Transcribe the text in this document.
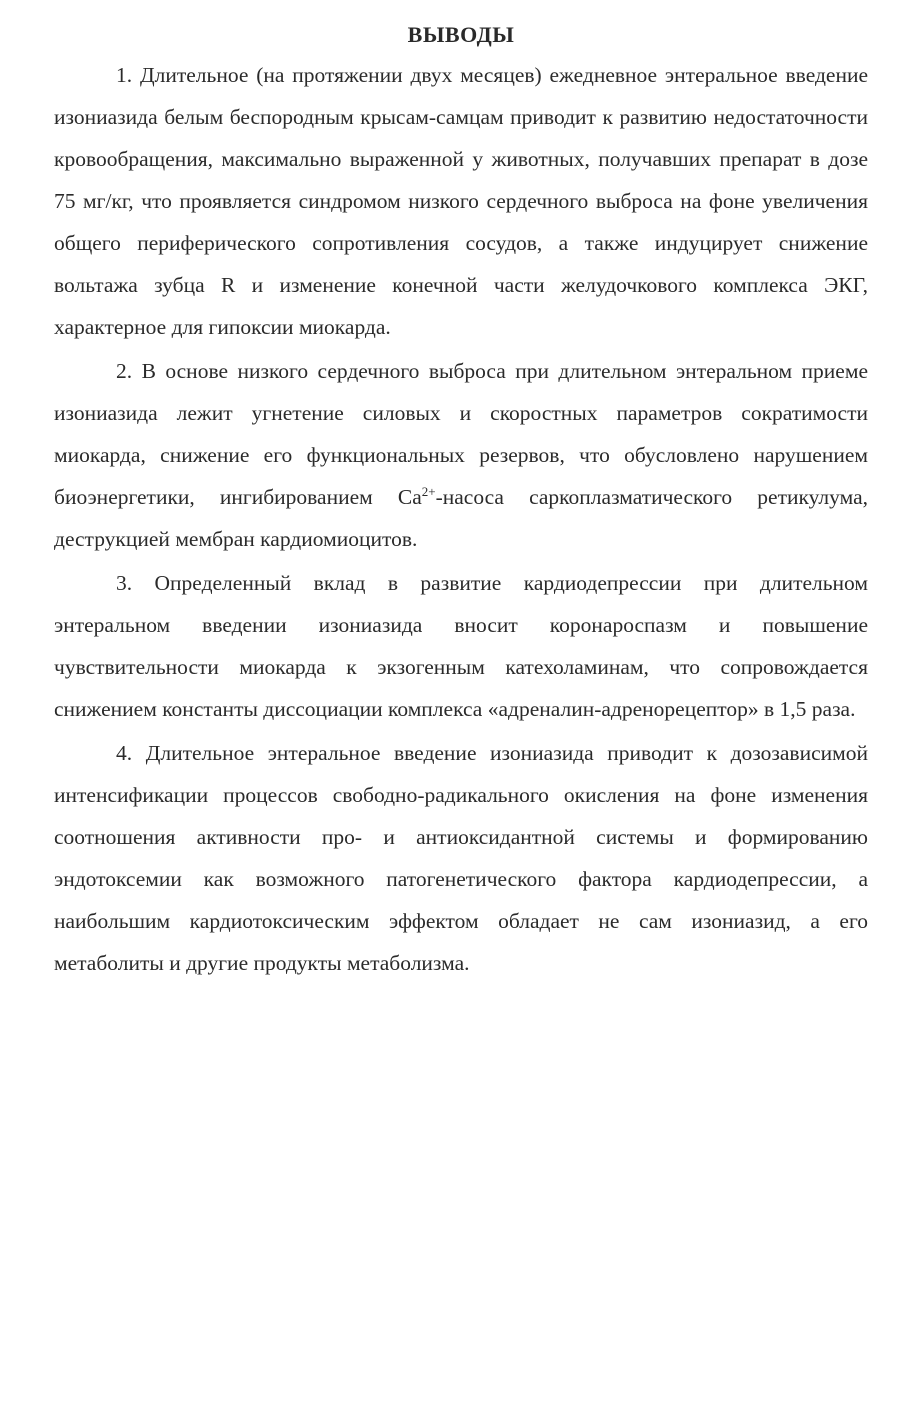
ВЫВОДЫ

1. Длительное (на протяжении двух месяцев) ежедневное энтеральное введение изониазида белым беспородным крысам-самцам приводит к развитию недостаточности кровообращения, максимально выраженной у животных, получавших препарат в дозе 75 мг/кг, что проявляется синдромом низкого сердечного выброса на фоне увеличения общего периферического сопротивления сосудов, а также индуцирует снижение вольтажа зубца R и изменение конечной части желудочкового комплекса ЭКГ, характерное для гипоксии миокарда.

2. В основе низкого сердечного выброса при длительном энтеральном приеме изониазида лежит угнетение силовых и скоростных параметров сократимости миокарда, снижение его функциональных резервов, что обусловлено нарушением биоэнергетики, ингибированием $Ca^{2+}$-насоса саркоплазматического ретикулума, деструкцией мембран кардиомиоцитов.

3. Определенный вклад в развитие кардиодепрессии при длительном энтеральном введении изониазида вносит коронароспазм и повышение чувствительности миокарда к экзогенным катехоламинам, что сопровождается снижением константы диссоциации комплекса «адреналин-адренорецептор» в 1,5 раза.

4. Длительное энтеральное введение изониазида приводит к дозозависимой интенсификации процессов свободно-радикального окисления на фоне изменения соотношения активности про- и антиоксидантной системы и формированию эндотоксемии как возможного патогенетического фактора кардиодепрессии, а наибольшим кардиотоксическим эффектом обладает не сам изониазид, а его метаболиты и другие продукты метаболизма.
